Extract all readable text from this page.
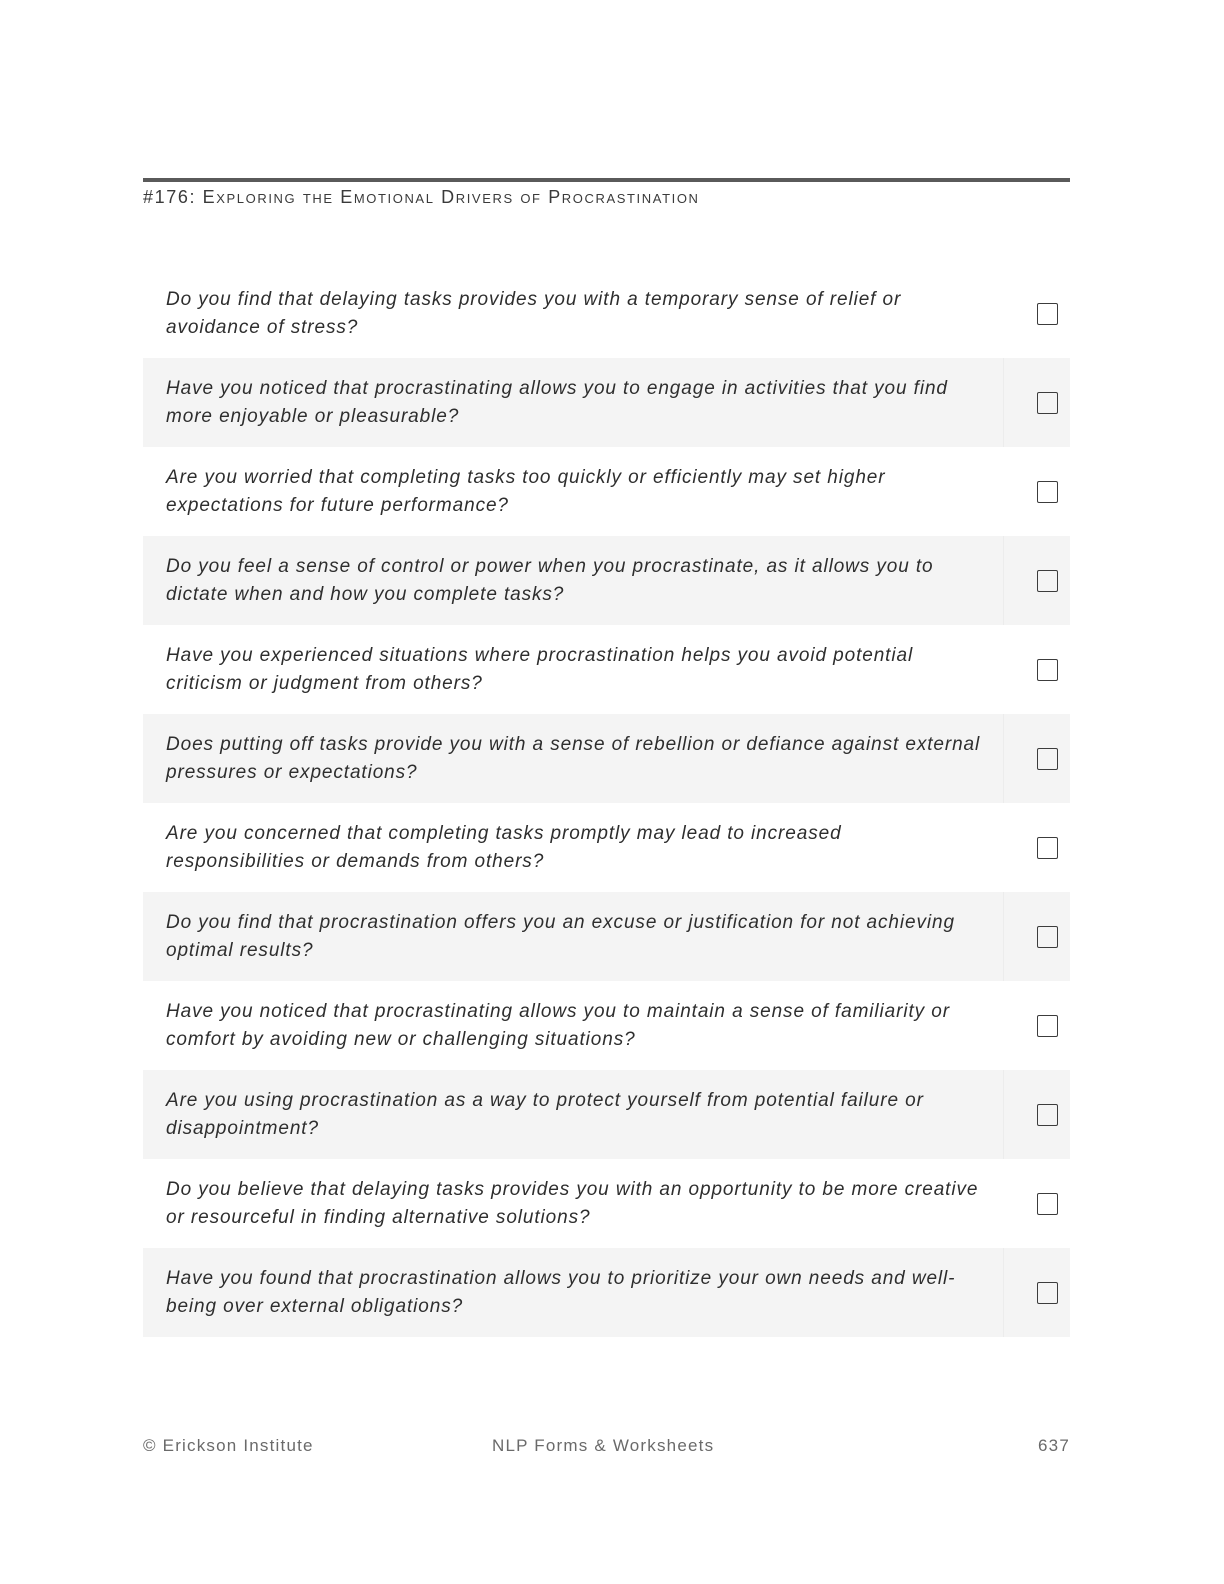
#176: Exploring the Emotional Drivers of Procrastination
Do you find that delaying tasks provides you with a temporary sense of relief or avoidance of stress?
Have you noticed that procrastinating allows you to engage in activities that you find more enjoyable or pleasurable?
Are you worried that completing tasks too quickly or efficiently may set higher expectations for future performance?
Do you feel a sense of control or power when you procrastinate, as it allows you to dictate when and how you complete tasks?
Have you experienced situations where procrastination helps you avoid potential criticism or judgment from others?
Does putting off tasks provide you with a sense of rebellion or defiance against external pressures or expectations?
Are you concerned that completing tasks promptly may lead to increased responsibilities or demands from others?
Do you find that procrastination offers you an excuse or justification for not achieving optimal results?
Have you noticed that procrastinating allows you to maintain a sense of familiarity or comfort by avoiding new or challenging situations?
Are you using procrastination as a way to protect yourself from potential failure or disappointment?
Do you believe that delaying tasks provides you with an opportunity to be more creative or resourceful in finding alternative solutions?
Have you found that procrastination allows you to prioritize your own needs and well-being over external obligations?
© Erickson Institute	NLP Forms & Worksheets	637
